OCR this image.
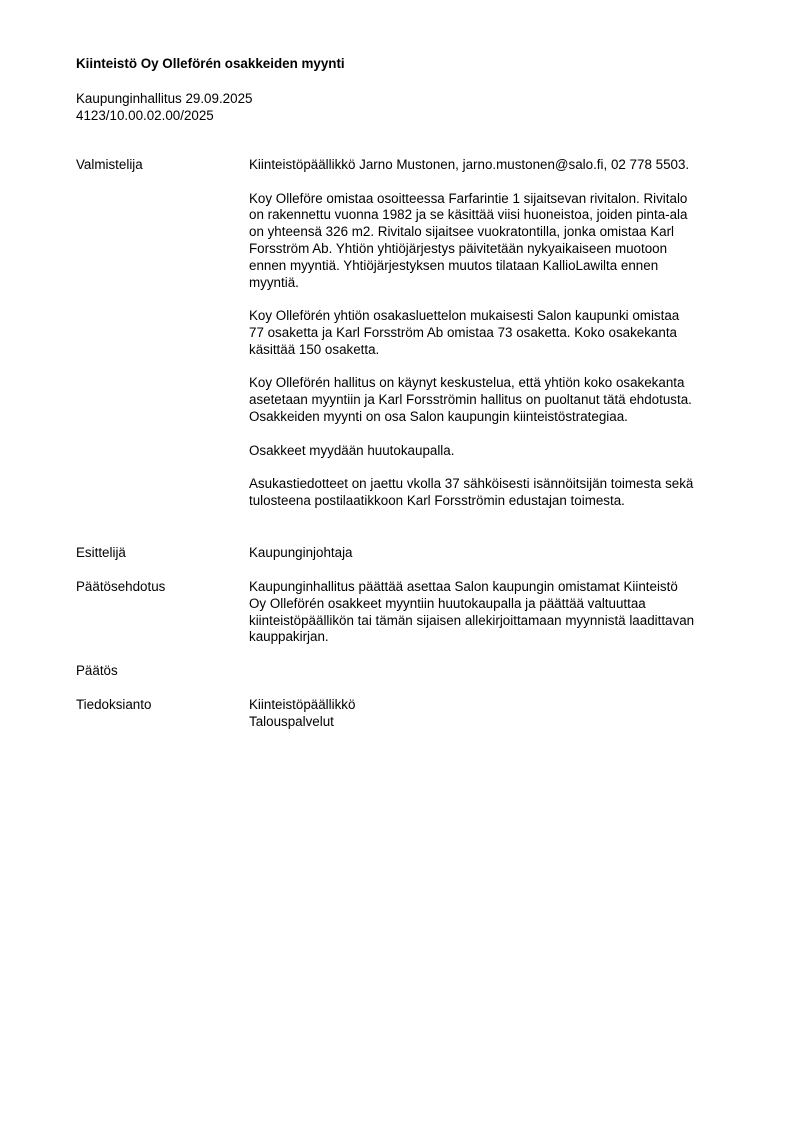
Kiinteistö Oy Olleförén osakkeiden myynti
Kaupunginhallitus 29.09.2025
4123/10.00.02.00/2025
Valmistelija	Kiinteistöpäällikkö Jarno Mustonen, jarno.mustonen@salo.fi, 02 778 5503.

Koy Olleföre omistaa osoitteessa Farfarintie 1 sijaitsevan rivitalon. Rivitalo
on rakennettu vuonna 1982 ja se käsittää viisi huoneistoa, joiden pinta-ala
on yhteensä 326 m2. Rivitalo sijaitsee vuokratontilla, jonka omistaa Karl
Forsström Ab. Yhtiön yhtiöjärjestys päivitetään nykyaikaiseen muotoon
ennen myyntiä. Yhtiöjärjestyksen muutos tilataan KallioLawilta ennen
myyntiä.

Koy Olleförén yhtiön osakasluettelon mukaisesti Salon kaupunki omistaa
77 osaketta ja Karl Forsström Ab omistaa 73 osaketta. Koko osakekanta
käsittää 150 osaketta.

Koy Olleförén hallitus on käynyt keskustelua, että yhtiön koko osakekanta
asetetaan myyntiin ja Karl Forsströmin hallitus on puoltanut tätä ehdotusta.
Osakkeiden myynti on osa Salon kaupungin kiinteistöstrategiaa.

Osakkeet myydään huutokaupalla.

Asukastiedotteet on jaettu vkolla 37 sähköisesti isännöitsijän toimesta sekä
tulosteena postilaatikkoon Karl Forsströmin edustajan toimesta.

Esittelijä	Kaupunginjohtaja
Päätösehdotus	Kaupunginhallitus päättää asettaa Salon kaupungin omistamat Kiinteistö
Oy Olleförén osakkeet myyntiin huutokaupalla ja päättää valtuuttaa
kiinteistöpäällikön tai tämän sijaisen allekirjoittamaan myynnistä laadittavan
kauppakirjan.
Päätös
Tiedoksianto	Kiinteistöpäällikkö
Talouspalvelut
